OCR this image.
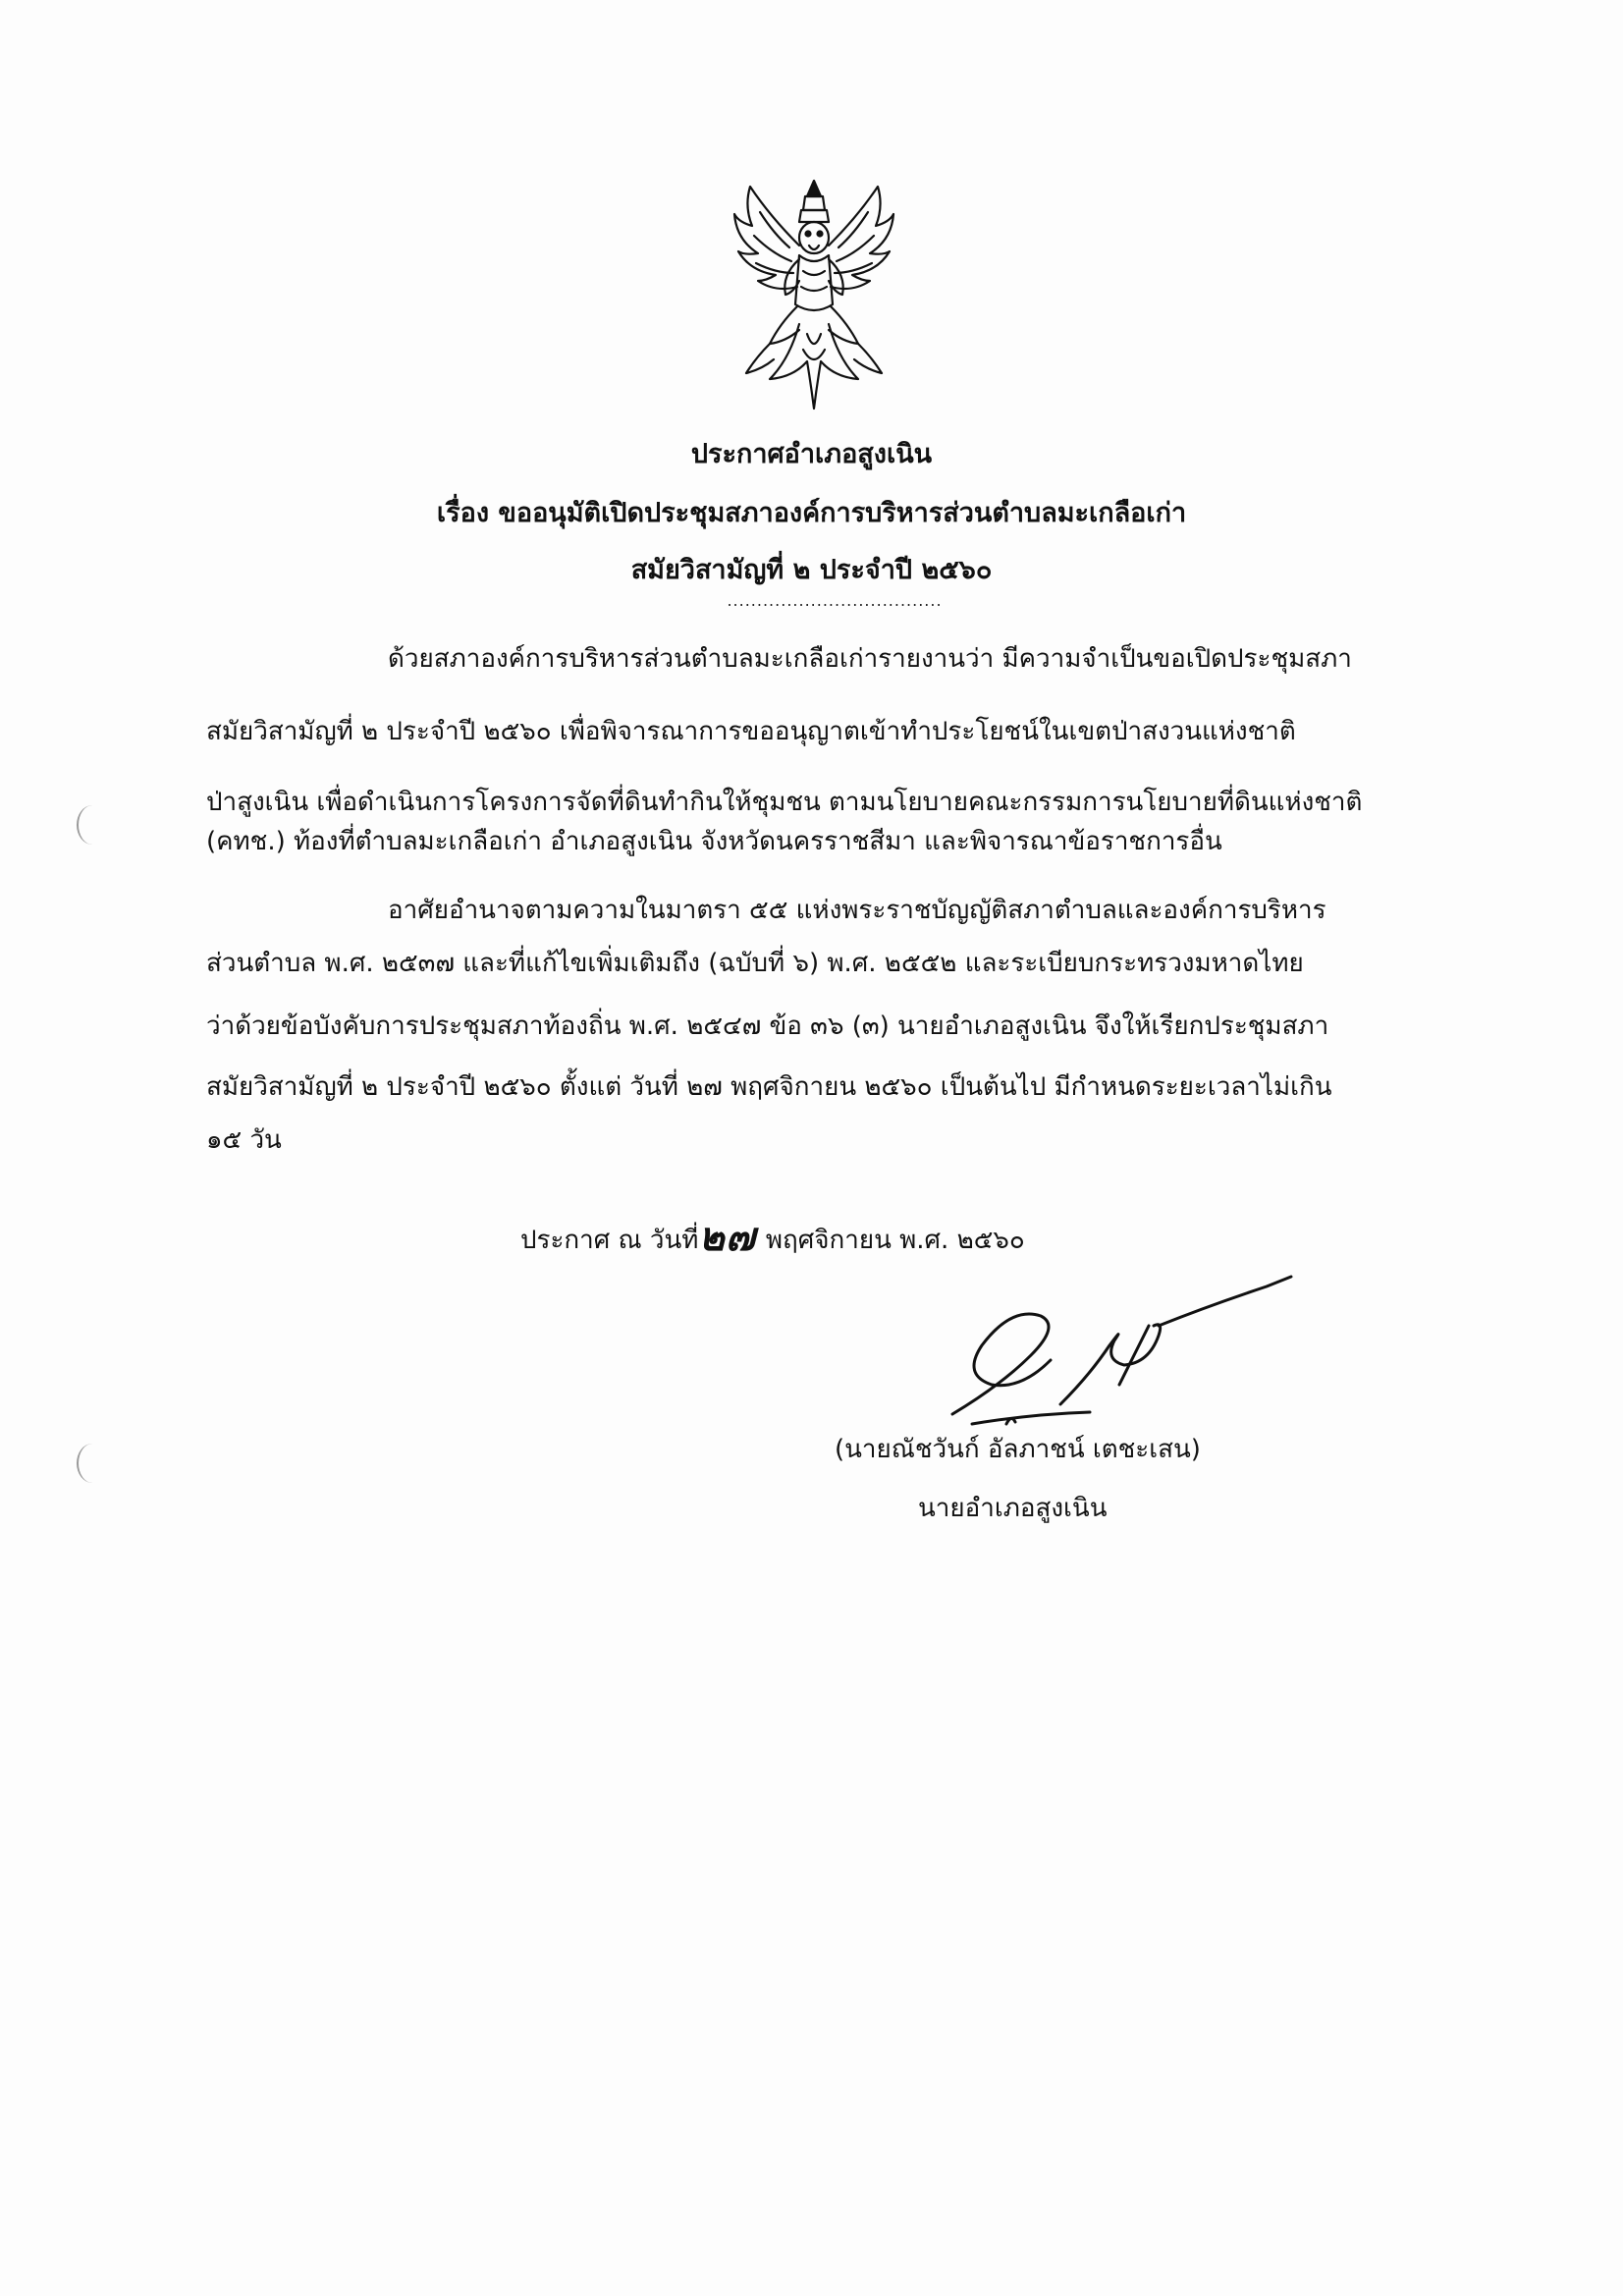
ประกาศอำเภอสูงเนิน
เรื่อง ขออนุมัติเปิดประชุมสภาองค์การบริหารส่วนตำบลมะเกลือเก่า
สมัยวิสามัญที่ ๒ ประจำปี ๒๕๖๐
....................................
ด้วยสภาองค์การบริหารส่วนตำบลมะเกลือเก่ารายงานว่า มีความจำเป็นขอเปิดประชุมสภา
สมัยวิสามัญที่ ๒ ประจำปี ๒๕๖๐ เพื่อพิจารณาการขออนุญาตเข้าทำประโยชน์ในเขตป่าสงวนแห่งชาติ
ป่าสูงเนิน เพื่อดำเนินการโครงการจัดที่ดินทำกินให้ชุมชน ตามนโยบายคณะกรรมการนโยบายที่ดินแห่งชาติ
(คทช.) ท้องที่ตำบลมะเกลือเก่า อำเภอสูงเนิน จังหวัดนครราชสีมา และพิจารณาข้อราชการอื่น
อาศัยอำนาจตามความในมาตรา ๕๕ แห่งพระราชบัญญัติสภาตำบลและองค์การบริหาร
ส่วนตำบล พ.ศ. ๒๕๓๗ และที่แก้ไขเพิ่มเติมถึง (ฉบับที่ ๖) พ.ศ. ๒๕๕๒ และระเบียบกระทรวงมหาดไทย
ว่าด้วยข้อบังคับการประชุมสภาท้องถิ่น พ.ศ. ๒๕๔๗ ข้อ ๓๖ (๓) นายอำเภอสูงเนิน จึงให้เรียกประชุมสภา
สมัยวิสามัญที่ ๒ ประจำปี ๒๕๖๐ ตั้งแต่ วันที่ ๒๗ พฤศจิกายน ๒๕๖๐ เป็นต้นไป มีกำหนดระยะเวลาไม่เกิน
๑๕ วัน
ประกาศ ณ วันที่๒๗ พฤศจิกายน พ.ศ. ๒๕๖๐
(นายณัชวันก์ อัลภาชน์ เตชะเสน)
นายอำเภอสูงเนิน
